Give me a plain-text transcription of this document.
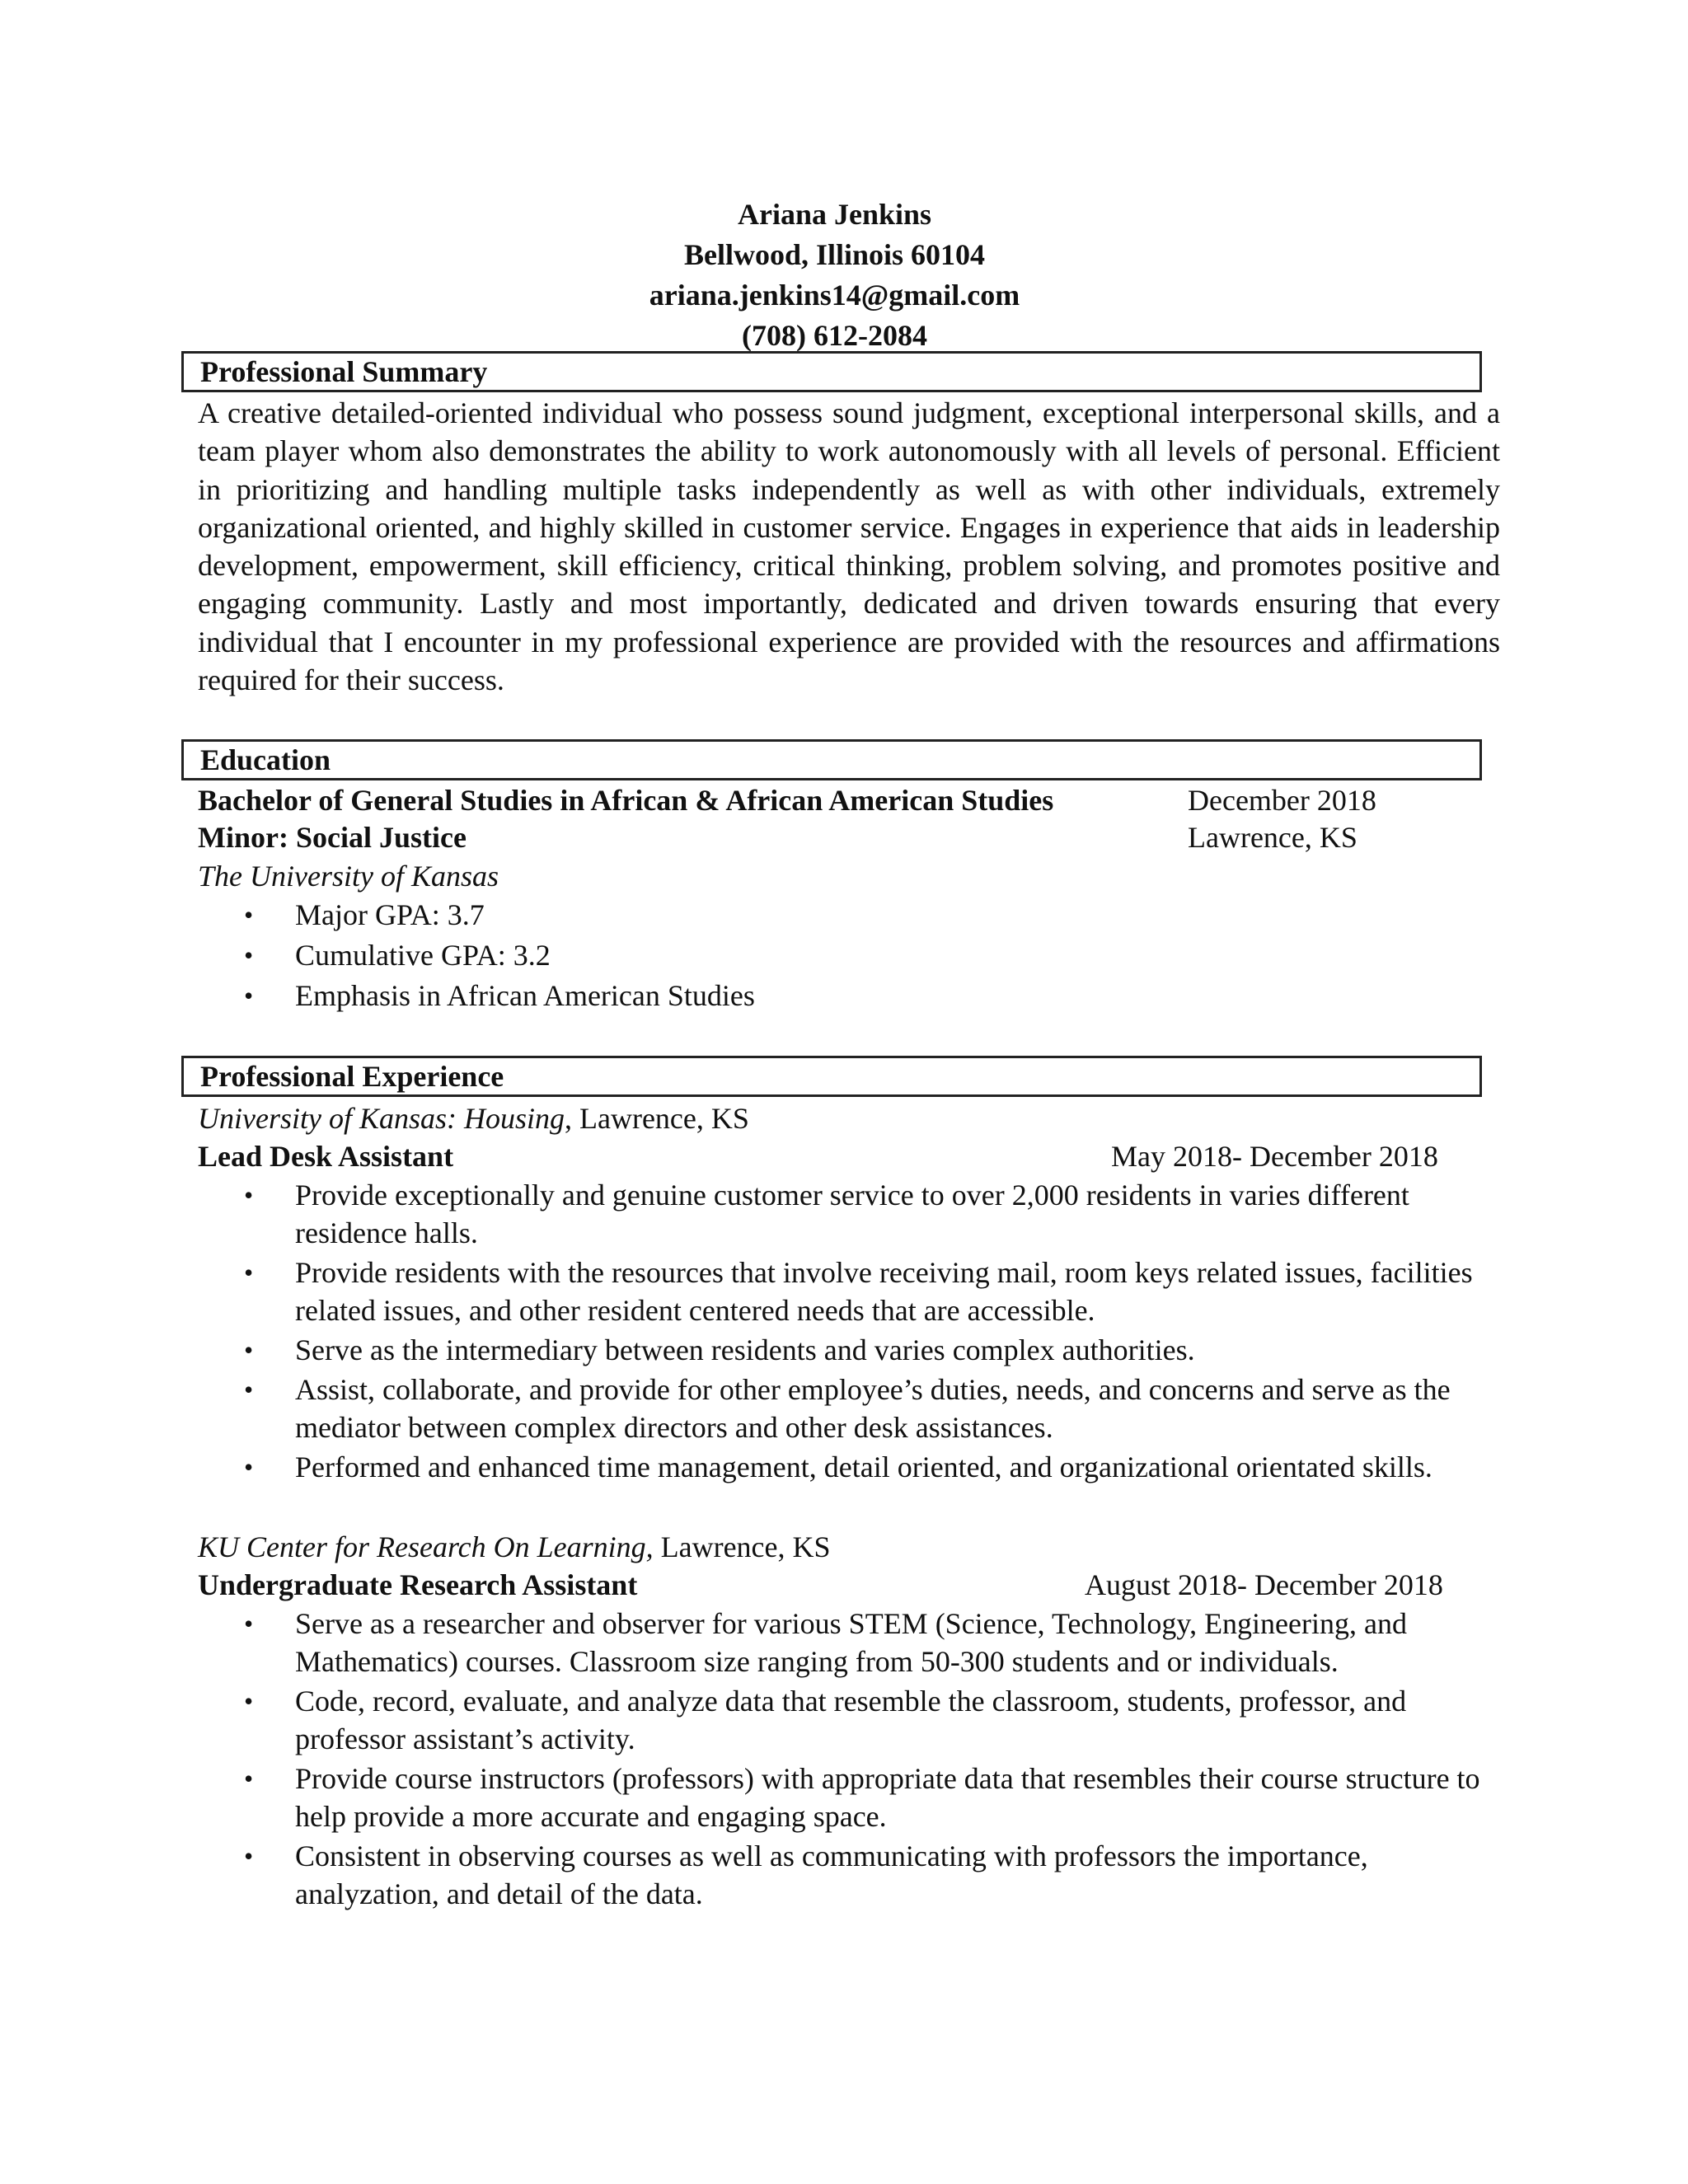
Ariana Jenkins
Bellwood, Illinois 60104
ariana.jenkins14@gmail.com
(708) 612-2084
Professional Summary
A creative detailed-oriented individual who possess sound judgment, exceptional interpersonal skills, and a team player whom also demonstrates the ability to work autonomously with all levels of personal. Efficient in prioritizing and handling multiple tasks independently as well as with other individuals, extremely organizational oriented, and highly skilled in customer service. Engages in experience that aids in leadership development, empowerment, skill efficiency, critical thinking, problem solving, and promotes positive and engaging community. Lastly and most importantly, dedicated and driven towards ensuring that every individual that I encounter in my professional experience are provided with the resources and affirmations required for their success.
Education
Bachelor of General Studies in African & African American Studies	December 2018
Minor: Social Justice	Lawrence, KS
The University of Kansas
• Major GPA: 3.7
• Cumulative GPA: 3.2
• Emphasis in African American Studies
Professional Experience
University of Kansas: Housing, Lawrence, KS
Lead Desk Assistant	May 2018- December 2018
• Provide exceptionally and genuine customer service to over 2,000 residents in varies different residence halls.
• Provide residents with the resources that involve receiving mail, room keys related issues, facilities related issues, and other resident centered needs that are accessible.
• Serve as the intermediary between residents and varies complex authorities.
• Assist, collaborate, and provide for other employee’s duties, needs, and concerns and serve as the mediator between complex directors and other desk assistances.
• Performed and enhanced time management, detail oriented, and organizational orientated skills.
KU Center for Research On Learning, Lawrence, KS
Undergraduate Research Assistant	August 2018- December 2018
• Serve as a researcher and observer for various STEM (Science, Technology, Engineering, and Mathematics) courses. Classroom size ranging from 50-300 students and or individuals.
• Code, record, evaluate, and analyze data that resemble the classroom, students, professor, and professor assistant’s activity.
• Provide course instructors (professors) with appropriate data that resembles their course structure to help provide a more accurate and engaging space.
• Consistent in observing courses as well as communicating with professors the importance, analyzation, and detail of the data.
